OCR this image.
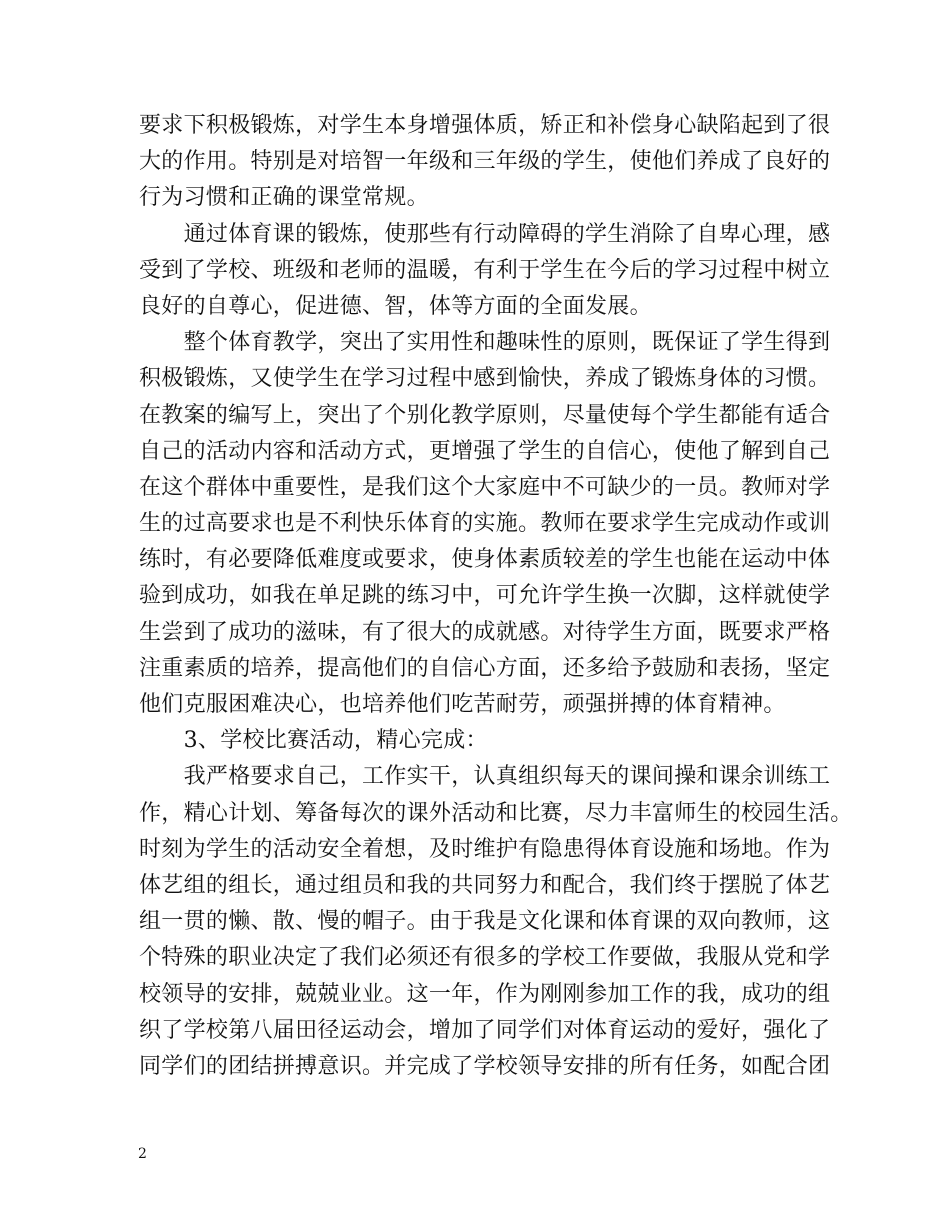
要求下积极锻炼，对学生本身增强体质，矫正和补偿身心缺陷起到了很
大的作用。特别是对培智一年级和三年级的学生，使他们养成了良好的
行为习惯和正确的课堂常规。
　　通过体育课的锻炼，使那些有行动障碍的学生消除了自卑心理，感
受到了学校、班级和老师的温暖，有利于学生在今后的学习过程中树立
良好的自尊心，促进德、智，体等方面的全面发展。
　　整个体育教学，突出了实用性和趣味性的原则，既保证了学生得到
积极锻炼，又使学生在学习过程中感到愉快，养成了锻炼身体的习惯。
在教案的编写上，突出了个别化教学原则，尽量使每个学生都能有适合
自己的活动内容和活动方式，更增强了学生的自信心，使他了解到自己
在这个群体中重要性，是我们这个大家庭中不可缺少的一员。教师对学
生的过高要求也是不利快乐体育的实施。教师在要求学生完成动作或训
练时，有必要降低难度或要求，使身体素质较差的学生也能在运动中体
验到成功，如我在单足跳的练习中，可允许学生换一次脚，这样就使学
生尝到了成功的滋味，有了很大的成就感。对待学生方面，既要求严格
注重素质的培养，提高他们的自信心方面，还多给予鼓励和表扬，坚定
他们克服困难决心，也培养他们吃苦耐劳，顽强拼搏的体育精神。
　　3、学校比赛活动，精心完成：
　　我严格要求自己，工作实干，认真组织每天的课间操和课余训练工
作，精心计划、筹备每次的课外活动和比赛，尽力丰富师生的校园生活。
时刻为学生的活动安全着想，及时维护有隐患得体育设施和场地。作为
体艺组的组长，通过组员和我的共同努力和配合，我们终于摆脱了体艺
组一贯的懒、散、慢的帽子。由于我是文化课和体育课的双向教师，这
个特殊的职业决定了我们必须还有很多的学校工作要做，我服从党和学
校领导的安排，兢兢业业。这一年，作为刚刚参加工作的我，成功的组
织了学校第八届田径运动会，增加了同学们对体育运动的爱好，强化了
同学们的团结拼搏意识。并完成了学校领导安排的所有任务，如配合团
2
